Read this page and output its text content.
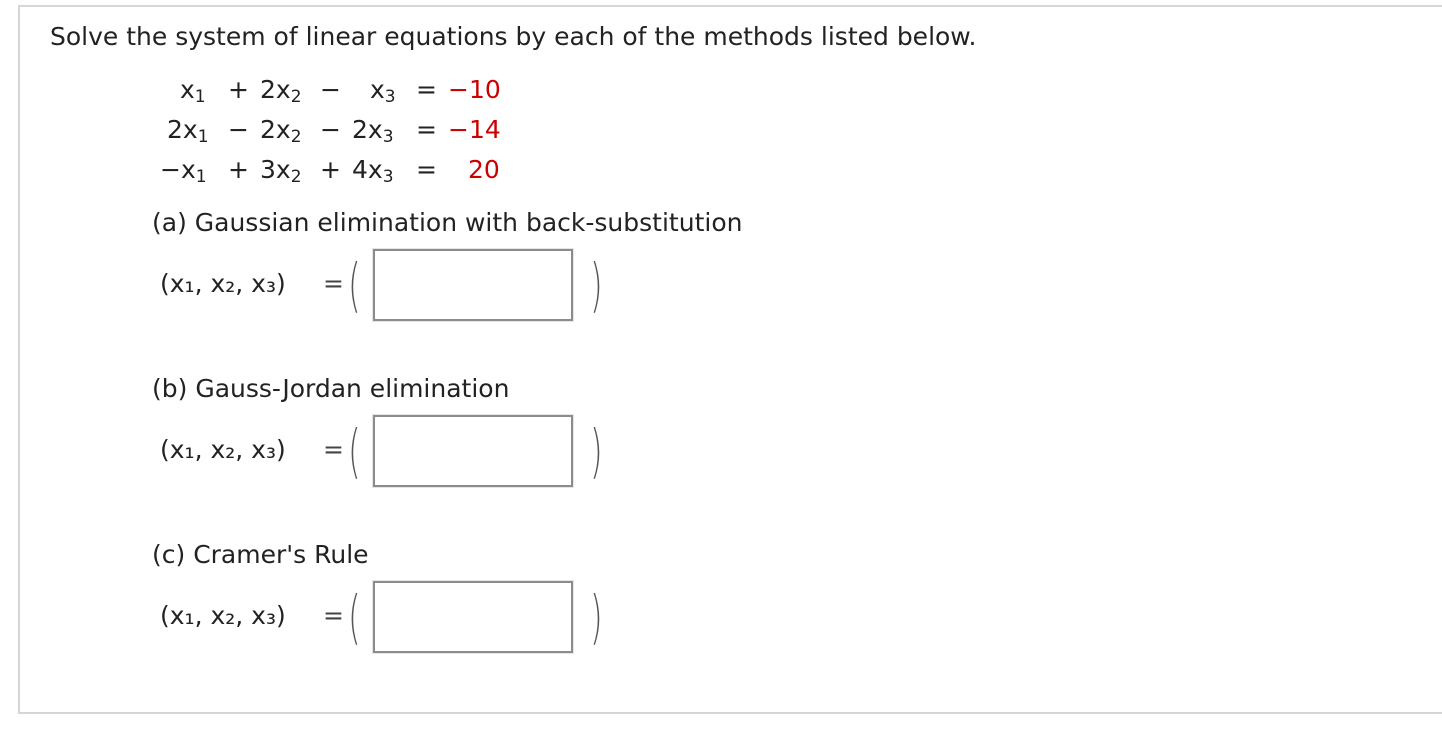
Solve the system of linear equations by each of the methods listed below.
$x_1 + 2x_2 - x_3 = -10$
$2x_1 - 2x_2 - 2x_3 = -14$
$-x_1 + 3x_2 + 4x_3 = 20$
(a) Gaussian elimination with back-substitution
(x₁, x₂, x₃) = (	)
(b) Gauss-Jordan elimination
(x₁, x₂, x₃) = (	)
(c) Cramer's Rule
(x₁, x₂, x₃) = (	)
